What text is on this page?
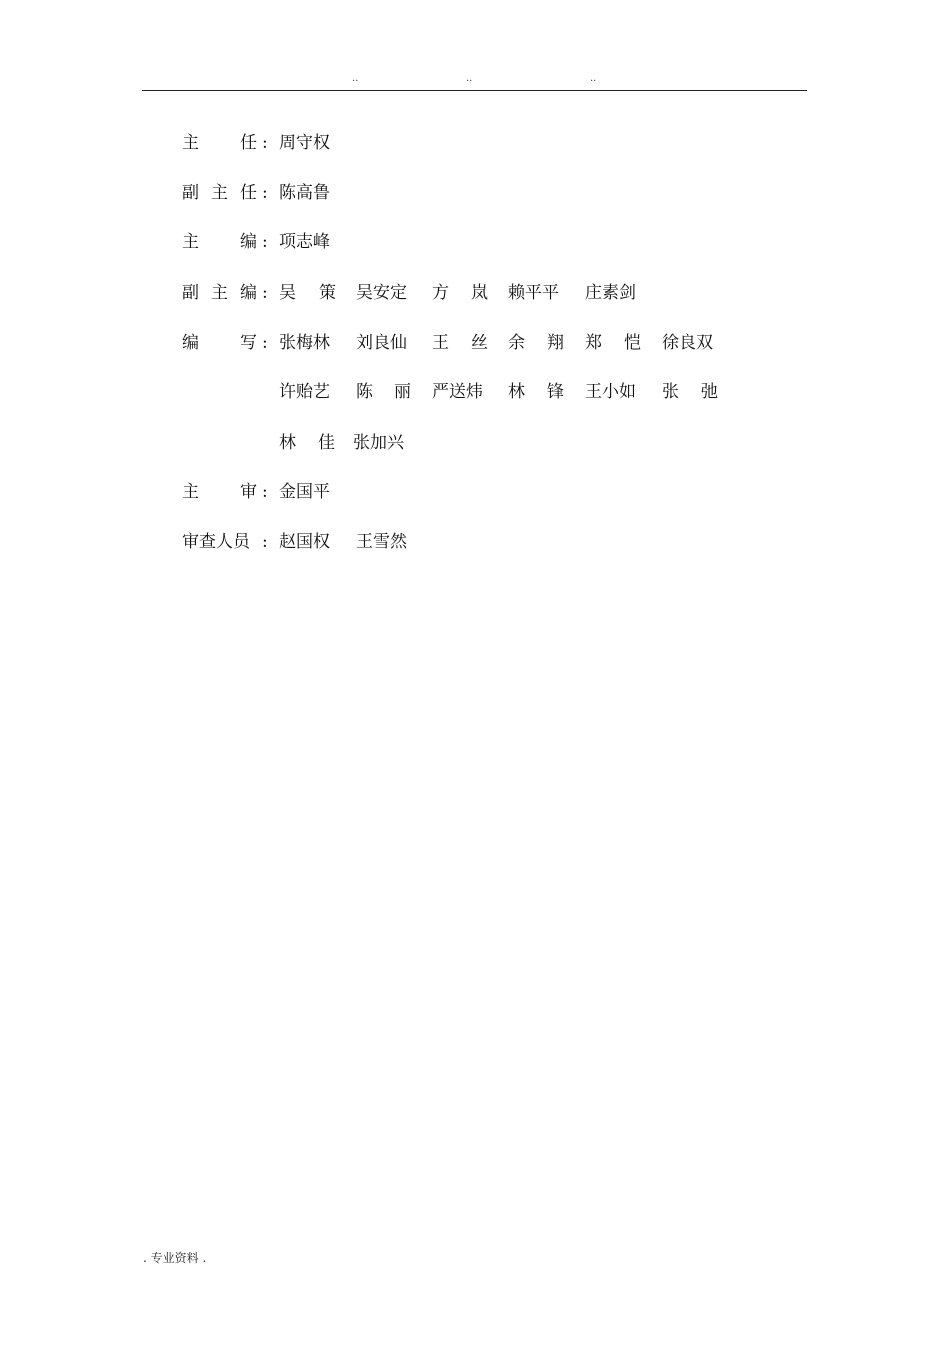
..	..	..
主 任 : 周守权
副 主 任 : 陈高鲁
主 编 : 项志峰
副 主 编 : 吴 策 吴安定 方 岚 赖平平 庄素剑
编 写 : 张梅林 刘良仙 王 丝 余 翔 郑 恺 徐良双
许贻艺 陈 丽 严送炜 林 锋 王小如 张 弛
林 佳 张加兴
主 审 : 金国平
审查人员 : 赵国权 王雪然
. 专业资料 .
